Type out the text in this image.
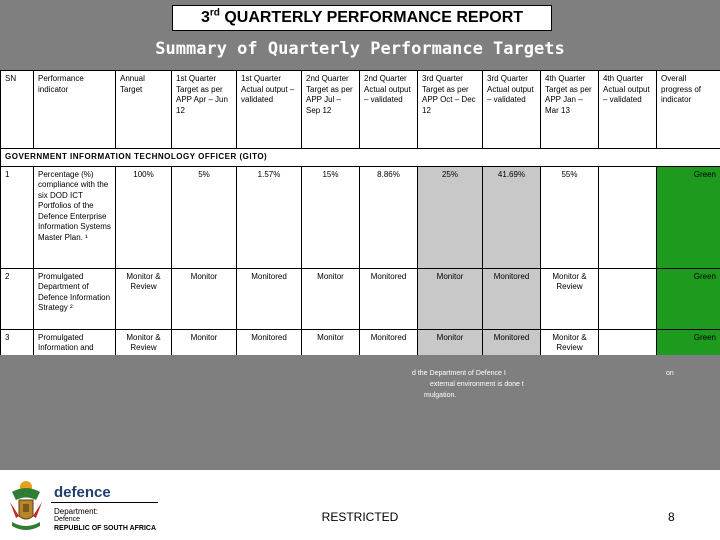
3rd QUARTERLY PERFORMANCE REPORT
Summary of Quarterly Performance Targets
SN	Performance indicator	Annual Target	1st Quarter Target as per APP Apr – Jun 12	1st Quarter Actual output – validated	2nd Quarter Target as per APP Jul – Sep 12	2nd Quarter Actual output – validated	3rd Quarter Target as per APP Oct – Dec 12	3rd Quarter Actual output – validated	4th Quarter Target as per APP Jan – Mar 13	4th Quarter Actual output – validated	Overall progress of indicator
GOVERNMENT INFORMATION TECHNOLOGY OFFICER (GITO)											
1	Percentage (%) compliance with the six DOD ICT Portfolios of the Defence Enterprise Information Systems Master Plan. ¹	100%	5%	1.57%	15%	8.86%	25%	41.69%	55%		Green
2	Promulgated Department of Defence Information Strategy ²	Monitor & Review	Monitor	Monitored	Monitor	Monitored	Monitor	Monitored	Monitor & Review		Green
3	Promulgated Information and	Monitor & Review	Monitor	Monitored	Monitor	Monitored	Monitor	Monitored	Monitor & Review		Green
d the Department of Defence I	on
external environment is done t
mulgation.
defence
Department:
Defence
REPUBLIC OF SOUTH AFRICA
RESTRICTED	8
